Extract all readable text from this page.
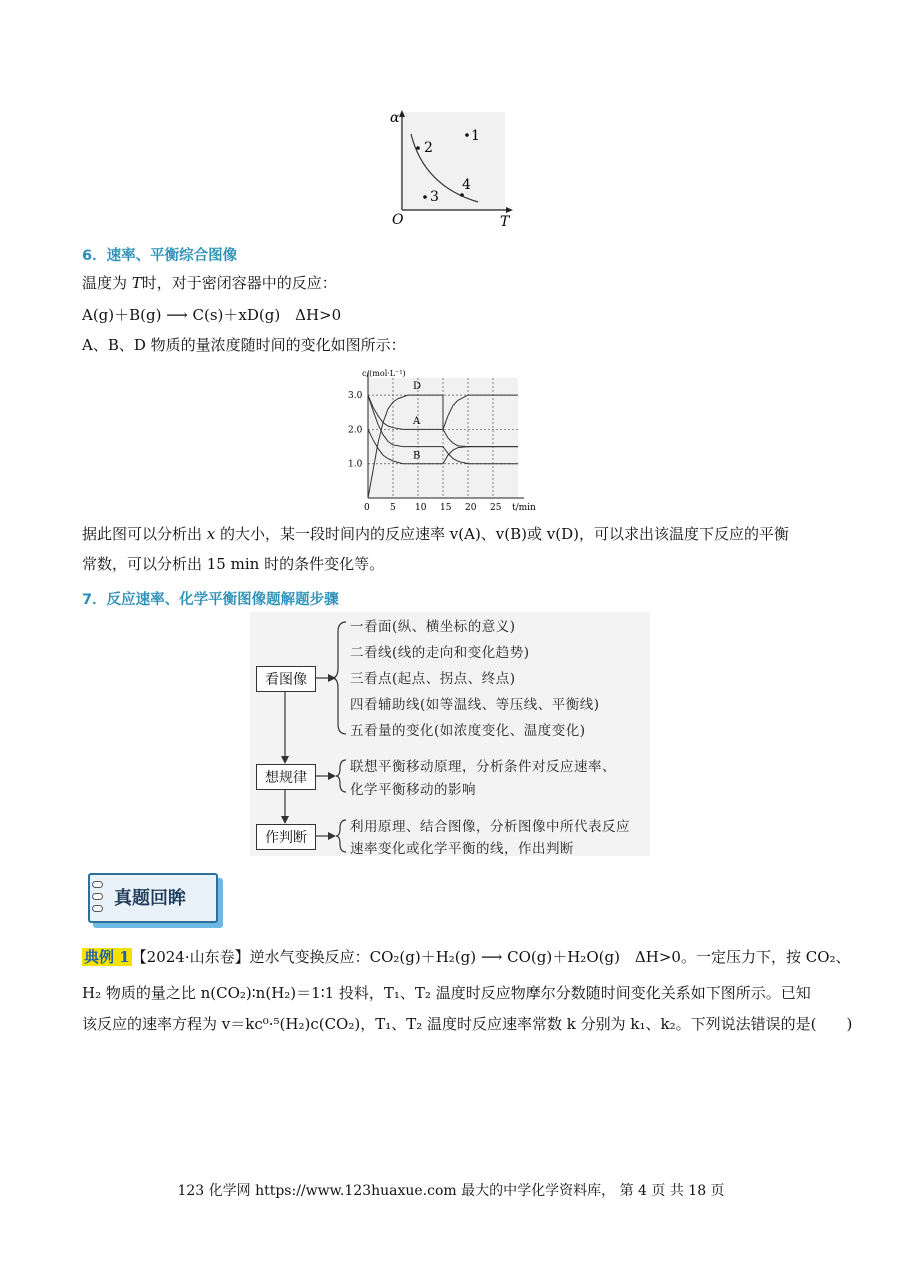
α
T
O
1
2
3
4
6．速率、平衡综合图像
温度为 T时，对于密闭容器中的反应：
A(g)＋B(g) ⟶ C(s)＋xD(g)　ΔH>0
A、B、D 物质的量浓度随时间的变化如图所示：
D
A
B
0 5 10 15 20 25
1.0
2.0
3.0
c/(mol·L⁻¹)
t/min
据此图可以分析出 x 的大小，某一段时间内的反应速率 v(A)、v(B)或 v(D)，可以求出该温度下反应的平衡
常数，可以分析出 15 min 时的条件变化等。
7．反应速率、化学平衡图像题解题步骤
看图像
想规律
作判断
一看面(纵、横坐标的意义)
二看线(线的走向和变化趋势)
三看点(起点、拐点、终点)
四看辅助线(如等温线、等压线、平衡线)
五看量的变化(如浓度变化、温度变化)
联想平衡移动原理，分析条件对反应速率、
化学平衡移动的影响
利用原理、结合图像，分析图像中所代表反应
速率变化或化学平衡的线，作出判断
真题回眸
典例 1 【2024·山东卷】逆水气变换反应：CO₂(g)＋H₂(g) ⟶ CO(g)＋H₂O(g)　ΔH>0。一定压力下，按 CO₂、
H₂ 物质的量之比 n(CO₂)∶n(H₂)＝1∶1 投料，T₁、T₂ 温度时反应物摩尔分数随时间变化关系如下图所示。已知
该反应的速率方程为 v＝kc⁰·⁵(H₂)c(CO₂)，T₁、T₂ 温度时反应速率常数 k 分别为 k₁、k₂。下列说法错误的是(　　)
123 化学网 https://www.123huaxue.com 最大的中学化学资料库， 第 4 页 共 18 页
